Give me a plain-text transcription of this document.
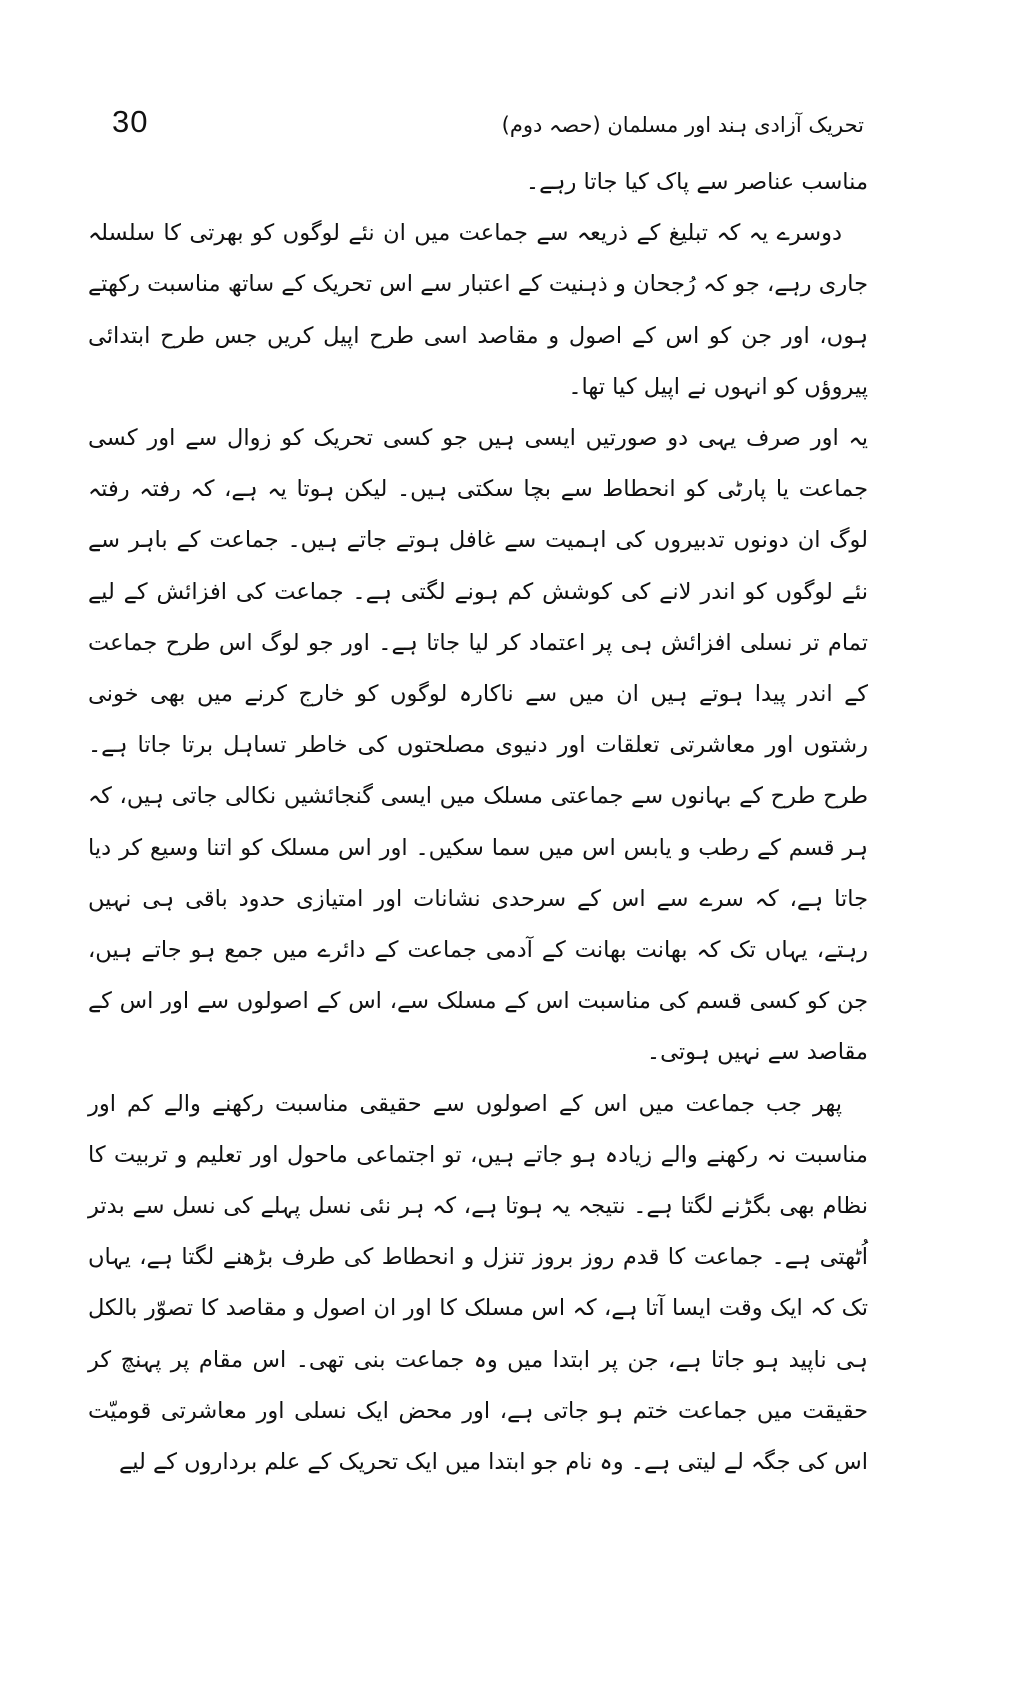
30	تحریک آزادی ہند اور مسلمان (حصہ دوم)

مناسب عناصر سے پاک کیا جاتا رہے۔

دوسرے یہ کہ تبلیغ کے ذریعہ سے جماعت میں ان نئے لوگوں کو بھرتی کا سلسلہ جاری رہے، جو کہ رُجحان و ذہنیت کے اعتبار سے اس تحریک کے ساتھ مناسبت رکھتے ہوں، اور جن کو اس کے اصول و مقاصد اسی طرح اپیل کریں جس طرح ابتدائی پیروؤں کو انہوں نے اپیل کیا تھا۔

یہ اور صرف یہی دو صورتیں ایسی ہیں جو کسی تحریک کو زوال سے اور کسی جماعت یا پارٹی کو انحطاط سے بچا سکتی ہیں۔ لیکن ہوتا یہ ہے، کہ رفتہ رفتہ لوگ ان دونوں تدبیروں کی اہمیت سے غافل ہوتے جاتے ہیں۔ جماعت کے باہر سے نئے لوگوں کو اندر لانے کی کوشش کم ہونے لگتی ہے۔ جماعت کی افزائش کے لیے تمام تر نسلی افزائش ہی پر اعتماد کر لیا جاتا ہے۔ اور جو لوگ اس طرح جماعت کے اندر پیدا ہوتے ہیں ان میں سے ناکارہ لوگوں کو خارج کرنے میں بھی خونی رشتوں اور معاشرتی تعلقات اور دنیوی مصلحتوں کی خاطر تساہل برتا جاتا ہے۔ طرح طرح کے بہانوں سے جماعتی مسلک میں ایسی گنجائشیں نکالی جاتی ہیں، کہ ہر قسم کے رطب و یابس اس میں سما سکیں۔ اور اس مسلک کو اتنا وسیع کر دیا جاتا ہے، کہ سرے سے اس کے سرحدی نشانات اور امتیازی حدود باقی ہی نہیں رہتے، یہاں تک کہ بھانت بھانت کے آدمی جماعت کے دائرے میں جمع ہو جاتے ہیں، جن کو کسی قسم کی مناسبت اس کے مسلک سے، اس کے اصولوں سے اور اس کے مقاصد سے نہیں ہوتی۔

پھر جب جماعت میں اس کے اصولوں سے حقیقی مناسبت رکھنے والے کم اور مناسبت نہ رکھنے والے زیادہ ہو جاتے ہیں، تو اجتماعی ماحول اور تعلیم و تربیت کا نظام بھی بگڑنے لگتا ہے۔ نتیجہ یہ ہوتا ہے، کہ ہر نئی نسل پہلے کی نسل سے بدتر اُٹھتی ہے۔ جماعت کا قدم روز بروز تنزل و انحطاط کی طرف بڑھنے لگتا ہے، یہاں تک کہ ایک وقت ایسا آتا ہے، کہ اس مسلک کا اور ان اصول و مقاصد کا تصوّر بالکل ہی ناپید ہو جاتا ہے، جن پر ابتدا میں وہ جماعت بنی تھی۔ اس مقام پر پہنچ کر حقیقت میں جماعت ختم ہو جاتی ہے، اور محض ایک نسلی اور معاشرتی قومیّت اس کی جگہ لے لیتی ہے۔ وہ نام جو ابتدا میں ایک تحریک کے علم برداروں کے لیے
